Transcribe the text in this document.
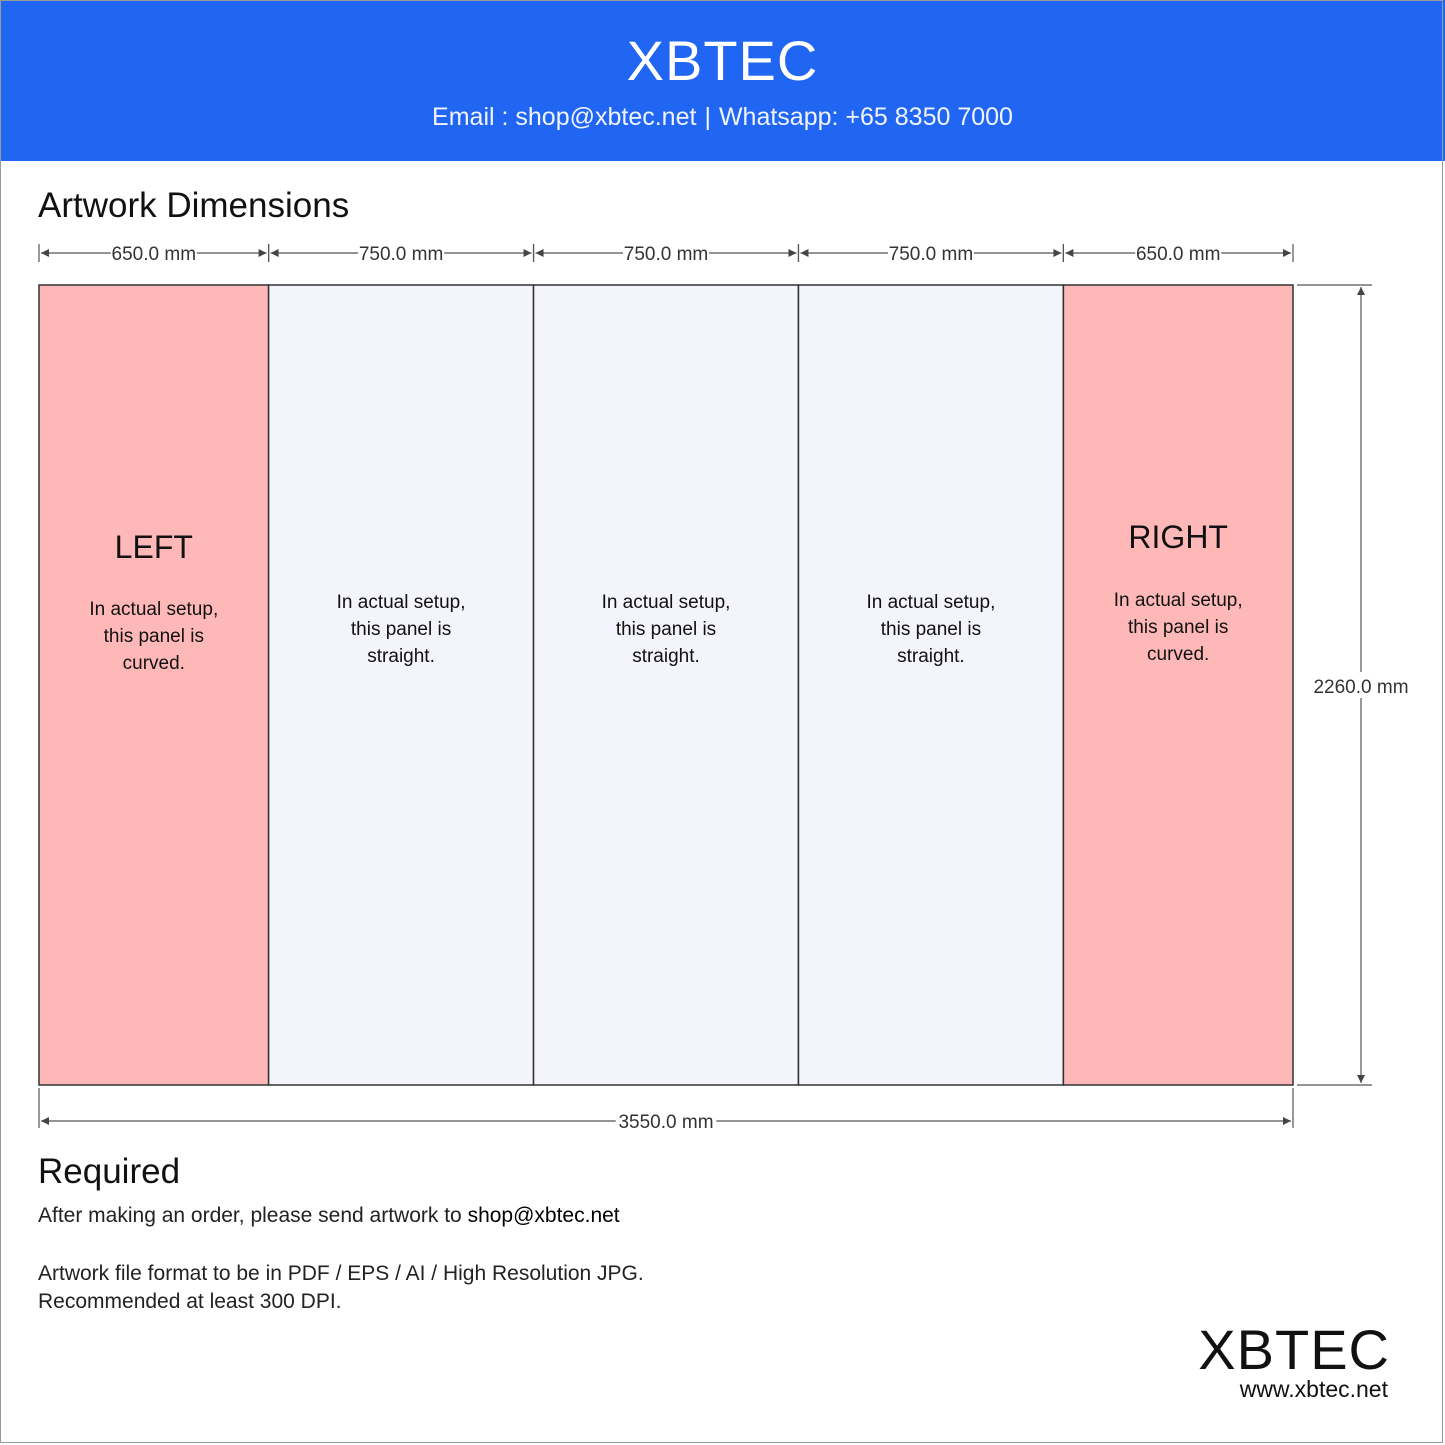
XBTEC
Email : shop@xbtec.net | Whatsapp: +65 8350 7000
Artwork Dimensions
LEFT
In actual setup,
this panel is
curved.
650.0 mm
In actual setup,
this panel is
straight.
750.0 mm
In actual setup,
this panel is
straight.
750.0 mm
In actual setup,
this panel is
straight.
750.0 mm
RIGHT
In actual setup,
this panel is
curved.
650.0 mm
3550.0 mm
2260.0 mm
Required
After making an order, please send artwork to shop@xbtec.net
Artwork file format to be in PDF / EPS / AI / High Resolution JPG.
Recommended at least 300 DPI.
XBTEC
www.xbtec.net
